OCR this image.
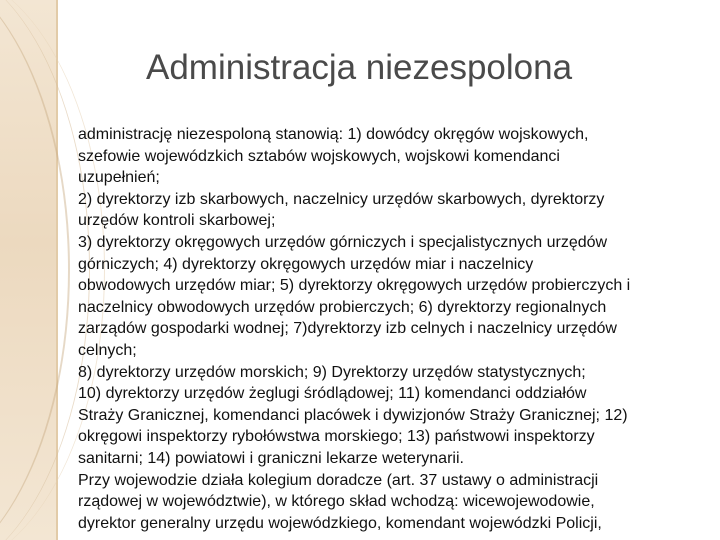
Administracja niezespolona
administrację niezespoloną stanowią: 1) dowódcy okręgów wojskowych,
szefowie wojewódzkich sztabów wojskowych, wojskowi komendanci
uzupełnień;
2) dyrektorzy izb skarbowych, naczelnicy urzędów skarbowych, dyrektorzy
urzędów kontroli skarbowej;
3) dyrektorzy okręgowych urzędów górniczych i specjalistycznych urzędów
górniczych; 4) dyrektorzy okręgowych urzędów miar i naczelnicy
obwodowych urzędów miar; 5) dyrektorzy okręgowych urzędów probierczych i
naczelnicy obwodowych urzędów probierczych; 6) dyrektorzy regionalnych
zarządów gospodarki wodnej; 7)dyrektorzy izb celnych i naczelnicy urzędów
celnych;
8) dyrektorzy urzędów morskich; 9) Dyrektorzy urzędów statystycznych;
10) dyrektorzy urzędów żeglugi śródlądowej; 11) komendanci oddziałów
Straży Granicznej, komendanci placówek i dywizjonów Straży Granicznej; 12)
okręgowi inspektorzy rybołówstwa morskiego; 13) państwowi inspektorzy
sanitarni; 14) powiatowi i graniczni lekarze weterynarii.
Przy wojewodzie działa kolegium doradcze (art. 37 ustawy o administracji
rządowej w województwie), w którego skład wchodzą: wicewojewodowie,
dyrektor generalny urzędu wojewódzkiego, komendant wojewódzki Policji,
